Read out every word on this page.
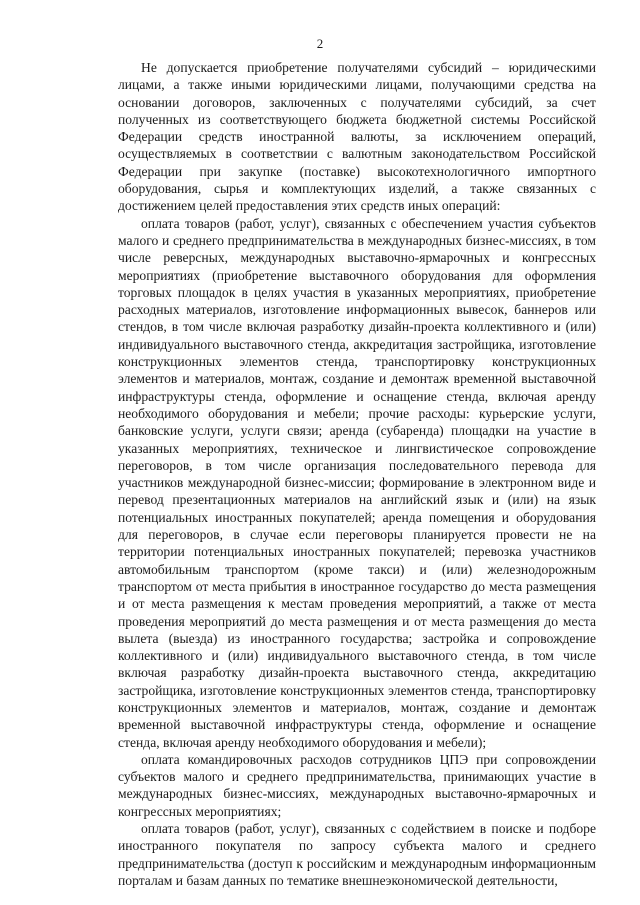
2

Не допускается приобретение получателями субсидий – юридическими лицами, а также иными юридическими лицами, получающими средства на основании договоров, заключенных с получателями субсидий, за счет полученных из соответствующего бюджета бюджетной системы Российской Федерации средств иностранной валюты, за исключением операций, осуществляемых в соответствии с валютным законодательством Российской Федерации при закупке (поставке) высокотехнологичного импортного оборудования, сырья и комплектующих изделий, а также связанных с достижением целей предоставления этих средств иных операций:

оплата товаров (работ, услуг), связанных с обеспечением участия субъектов малого и среднего предпринимательства в международных бизнес-миссиях, в том числе реверсных, международных выставочно-ярмарочных и конгрессных мероприятиях (приобретение выставочного оборудования для оформления торговых площадок в целях участия в указанных мероприятиях, приобретение расходных материалов, изготовление информационных вывесок, баннеров или стендов, в том числе включая разработку дизайн-проекта коллективного и (или) индивидуального выставочного стенда, аккредитация застройщика, изготовление конструкционных элементов стенда, транспортировку конструкционных элементов и материалов, монтаж, создание и демонтаж временной выставочной инфраструктуры стенда, оформление и оснащение стенда, включая аренду необходимого оборудования и мебели; прочие расходы: курьерские услуги, банковские услуги, услуги связи; аренда (субаренда) площадки на участие в указанных мероприятиях, техническое и лингвистическое сопровождение переговоров, в том числе организация последовательного перевода для участников международной бизнес-миссии; формирование в электронном виде и перевод презентационных материалов на английский язык и (или) на язык потенциальных иностранных покупателей; аренда помещения и оборудования для переговоров, в случае если переговоры планируется провести не на территории потенциальных иностранных покупателей; перевозка участников автомобильным транспортом (кроме такси) и (или) железнодорожным транспортом от места прибытия в иностранное государство до места размещения и от места размещения к местам проведения мероприятий, а также от места проведения мероприятий до места размещения и от места размещения до места вылета (выезда) из иностранного государства; застройка и сопровождение коллективного и (или) индивидуального выставочного стенда, в том числе включая разработку дизайн-проекта выставочного стенда, аккредитацию застройщика, изготовление конструкционных элементов стенда, транспортировку конструкционных элементов и материалов, монтаж, создание и демонтаж временной выставочной инфраструктуры стенда, оформление и оснащение стенда, включая аренду необходимого оборудования и мебели);

оплата командировочных расходов сотрудников ЦПЭ при сопровождении субъектов малого и среднего предпринимательства, принимающих участие в международных бизнес-миссиях, международных выставочно-ярмарочных и конгрессных мероприятиях;

оплата товаров (работ, услуг), связанных с содействием в поиске и подборе иностранного покупателя по запросу субъекта малого и среднего предпринимательства (доступ к российским и международным информационным порталам и базам данных по тематике внешнеэкономической деятельности,
